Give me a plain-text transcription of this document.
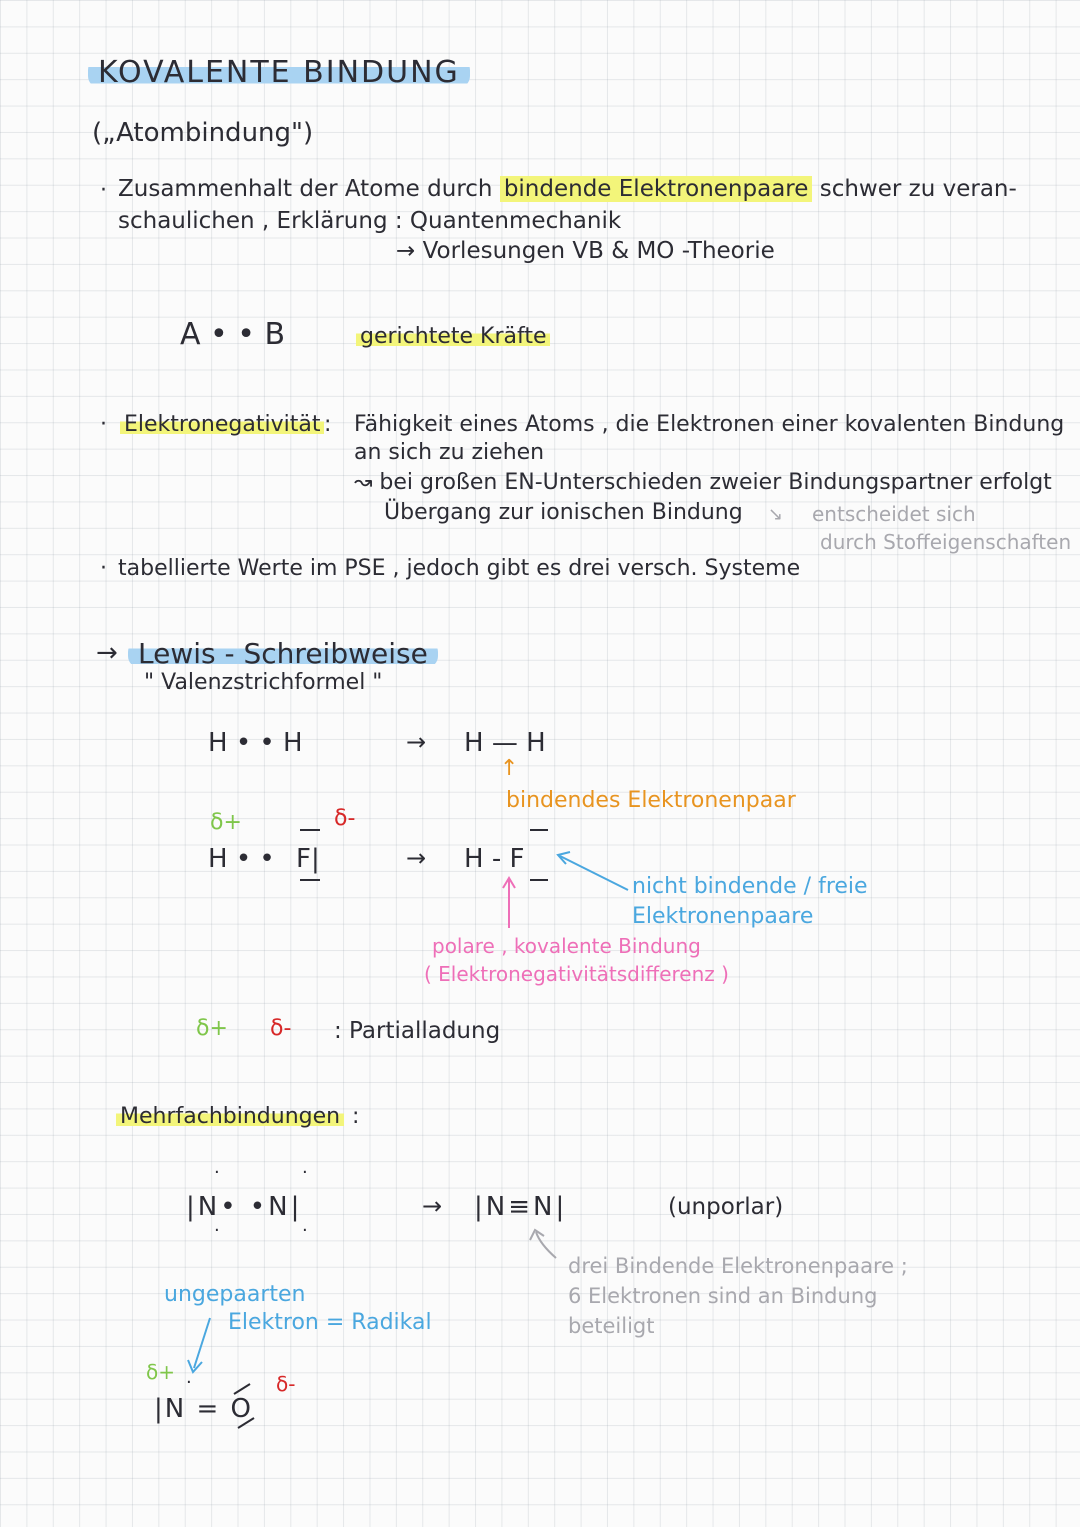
KOVALENTE BINDUNG
(„Atombindung")
· Zusammenhalt der Atome durch bindende Elektronenpaare schwer zu veran-
schaulichen , Erklärung : Quantenmechanik
→ Vorlesungen VB & MO -Theorie
A • • B	gerichtete Kräfte
· Elektronegativität : Fähigkeit eines Atoms , die Elektronen einer kovalenten Bindung
an sich zu ziehen
↝ bei großen EN-Unterschieden zweier Bindungspartner erfolgt
Übergang zur ionischen Bindung ↘ entscheidet sich
durch Stoffeigenschaften
· tabellierte Werte im PSE , jedoch gibt es drei versch. Systeme
→ Lewis - Schreibweise
" Valenzstrichformel "
H • • H	→ H — H
↑
bindendes Elektronenpaar
δ+	δ-
H • • F|	→ H - F
nicht bindende / freie
Elektronenpaare
polare , kovalente Bindung
( Elektronegativitätsdifferenz )
δ+ δ- : Partialladung
Mehrfachbindungen :
·	·
|N• •N|
·	·
→ |N≡N|	(unporlar)
drei Bindende Elektronenpaare ;
6 Elektronen sind an Bindung
beteiligt
ungepaarten
Elektron = Radikal
δ+ ·
|N = O
δ-
